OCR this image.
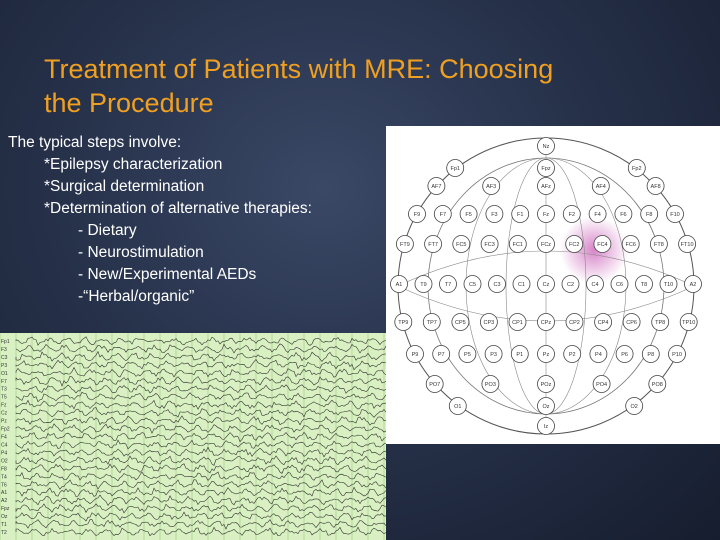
Treatment of Patients with MRE: Choosing
the Procedure
The typical steps involve:
*Epilepsy characterization
*Surgical determination
*Determination of alternative therapies:
- Dietary
- Neurostimulation
- New/Experimental AEDs
-“Herbal/organic”
Fp1
F3
C3
P3
O1
F7
T3
T5
Fz
Cz
Pz
Fp2
F4
C4
P4
O2
F8
T4
T6
A1
A2
Fpz
Oz
T1
T2
Nz
Fp1	Fpz	Fp2
AF7	AF3	AFz	AF4	AF8
F9	F7	F5	F3	F1	Fz	F2	F4	F6	F8	F10
FT9	FT7	FC5	FC3	FC1	FCz	FC2	FC4	FC6	FT8	FT10
A1	T9	T7	C5	C3	C1	Cz	C2	C4	C6	T8	T10	A2
TP9	TP7	CP5	CP3	CP1	CPz	CP2	CP4	CP6	TP8	TP10
P9	P7	P5	P3	P1	Pz	P2	P4	P6	P8	P10
PO7	PO3	POz	PO4	PO8
O1	Oz	O2
Iz
